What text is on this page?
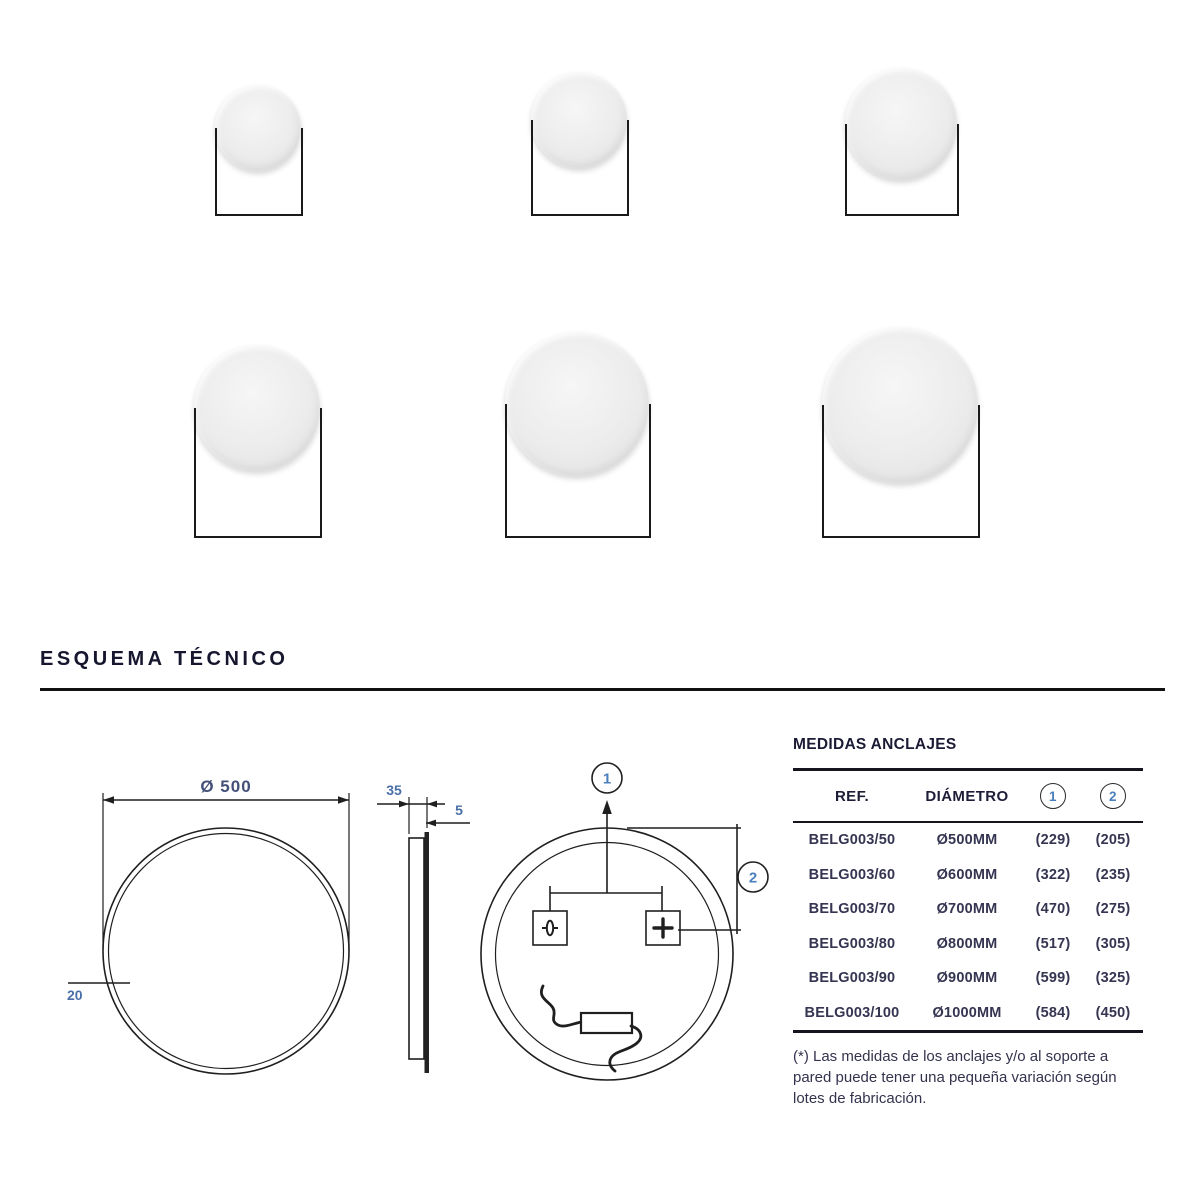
ESQUEMA TÉCNICO
Ø 500
20
35
5
1
2
MEDIDAS ANCLAJES
REF.	DIÁMETRO	1	2
BELG003/50	Ø500MM	(229)	(205)
BELG003/60	Ø600MM	(322)	(235)
BELG003/70	Ø700MM	(470)	(275)
BELG003/80	Ø800MM	(517)	(305)
BELG003/90	Ø900MM	(599)	(325)
BELG003/100	Ø1000MM	(584)	(450)
(*) Las medidas de los anclajes y/o al soporte a pared puede tener una pequeña variación según lotes de fabricación.
